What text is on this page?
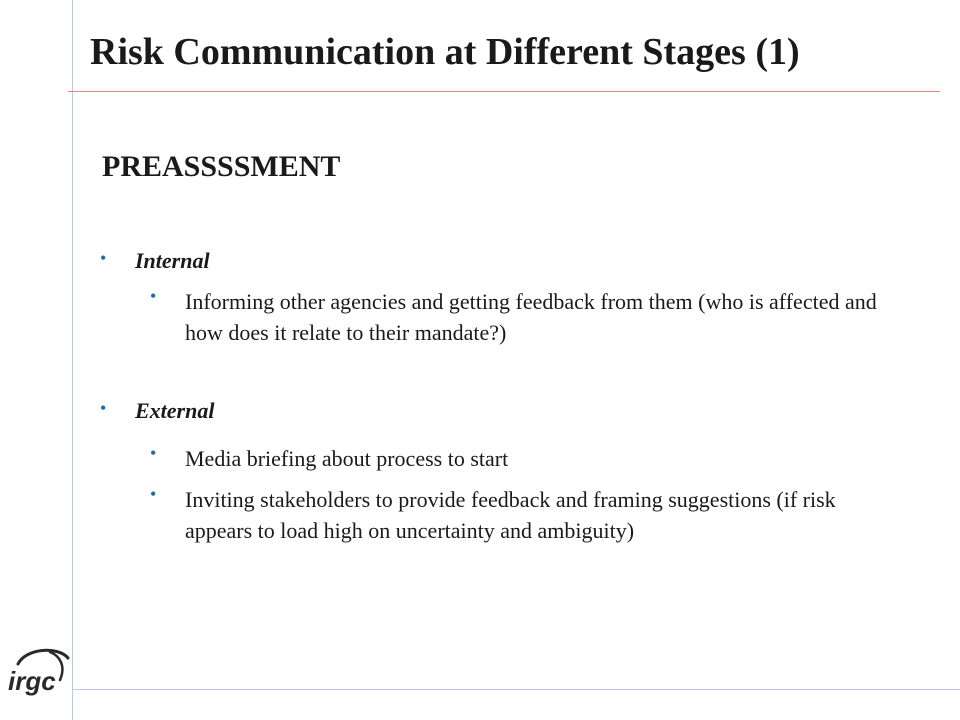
Risk Communication at Different Stages (1)
PREASSSSMENT
• Internal
• Informing other agencies and getting feedback from them (who is affected and how does it relate to their mandate?)
• External
• Media briefing about process to start
• Inviting stakeholders to provide feedback and framing suggestions (if risk appears to load high on uncertainty and ambiguity)
irgc
